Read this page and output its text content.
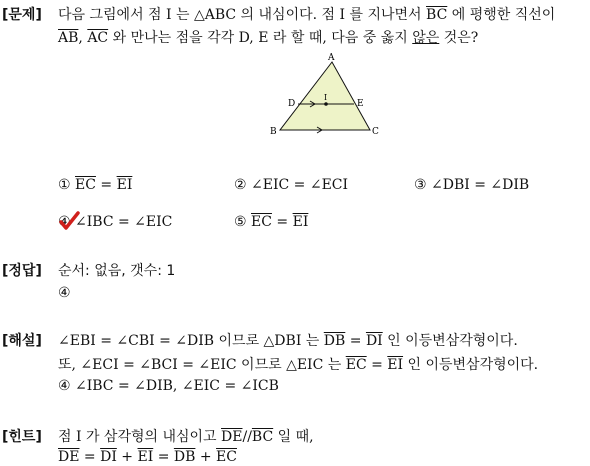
[문제] 다음 그림에서 점 I 는 △ABC 의 내심이다. 점 I 를 지나면서 $\overline{BC}$ 에 평행한 직선이
$\overline{AB}$, $\overline{AC}$ 와 만나는 점을 각각 D, E 라 할 때, 다음 중 옳지 않은 것은?
A
B	C
D	E
I
① $\overline{EC} = \overline{EI}$	② ∠EIC = ∠ECI	③ ∠DBI = ∠DIB
④ ∠IBC = ∠EIC	⑤ $\overline{EC} = \overline{EI}$
[정답] 순서: 없음, 갯수: 1
④
[해설] ∠EBI = ∠CBI = ∠DIB 이므로 △DBI 는 $\overline{DB} = \overline{DI}$ 인 이등변삼각형이다.
또, ∠ECI = ∠BCI = ∠EIC 이므로 △EIC 는 $\overline{EC} = \overline{EI}$ 인 이등변삼각형이다.
④ ∠IBC = ∠DIB, ∠EIC = ∠ICB
[힌트] 점 I 가 삼각형의 내심이고 $\overline{DE}//\overline{BC}$ 일 때,
$\overline{DE} = \overline{DI} + \overline{EI} = \overline{DB} + \overline{EC}$
